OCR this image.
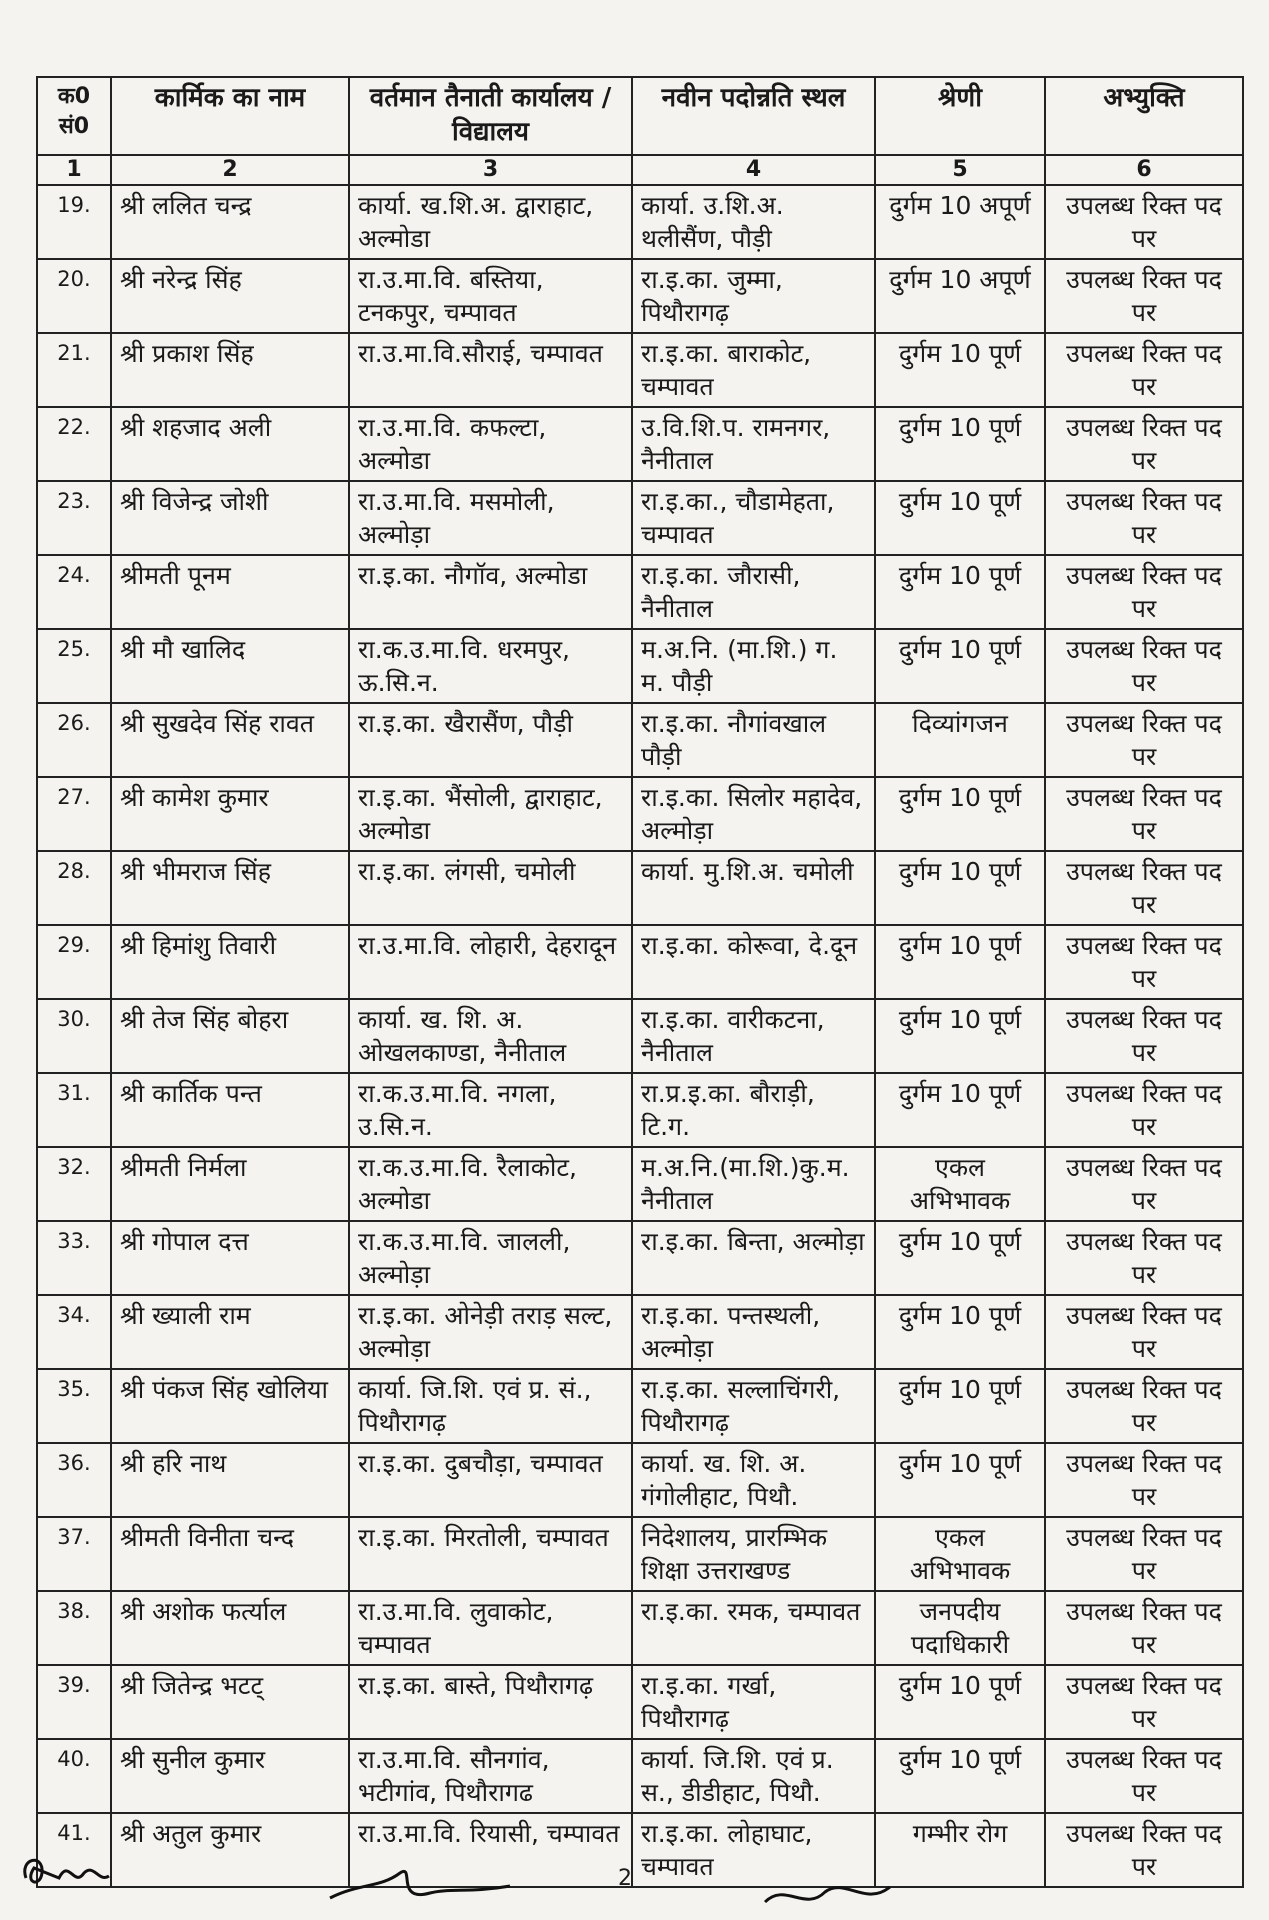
क0 सं0	कार्मिक का नाम	वर्तमान तैनाती कार्यालय / विद्यालय	नवीन पदोन्नति स्थल	श्रेणी	अभ्युक्ति
1	2	3	4	5	6
19.	श्री ललित चन्द्र	कार्या. ख.शि.अ. द्वाराहाट, अल्मोडा	कार्या. उ.शि.अ. थलीसैंण, पौड़ी	दुर्गम 10 अपूर्ण	उपलब्ध रिक्त पद पर
20.	श्री नरेन्द्र सिंह	रा.उ.मा.वि. बस्तिया, टनकपुर, चम्पावत	रा.इ.का. जुम्मा, पिथौरागढ़	दुर्गम 10 अपूर्ण	उपलब्ध रिक्त पद पर
21.	श्री प्रकाश सिंह	रा.उ.मा.वि.सौराई, चम्पावत	रा.इ.का. बाराकोट, चम्पावत	दुर्गम 10 पूर्ण	उपलब्ध रिक्त पद पर
22.	श्री शहजाद अली	रा.उ.मा.वि. कफल्टा, अल्मोडा	उ.वि.शि.प. रामनगर, नैनीताल	दुर्गम 10 पूर्ण	उपलब्ध रिक्त पद पर
23.	श्री विजेन्द्र जोशी	रा.उ.मा.वि. मसमोली, अल्मोड़ा	रा.इ.का., चौडामेहता, चम्पावत	दुर्गम 10 पूर्ण	उपलब्ध रिक्त पद पर
24.	श्रीमती पूनम	रा.इ.का. नौगॉव, अल्मोडा	रा.इ.का. जौरासी, नैनीताल	दुर्गम 10 पूर्ण	उपलब्ध रिक्त पद पर
25.	श्री मौ खालिद	रा.क.उ.मा.वि. धरमपुर, ऊ.सि.न.	म.अ.नि. (मा.शि.) ग. म. पौड़ी	दुर्गम 10 पूर्ण	उपलब्ध रिक्त पद पर
26.	श्री सुखदेव सिंह रावत	रा.इ.का. खैरासैंण, पौड़ी	रा.इ.का. नौगांवखाल पौड़ी	दिव्यांगजन	उपलब्ध रिक्त पद पर
27.	श्री कामेश कुमार	रा.इ.का. भैंसोली, द्वाराहाट, अल्मोडा	रा.इ.का. सिलोर महादेव, अल्मोड़ा	दुर्गम 10 पूर्ण	उपलब्ध रिक्त पद पर
28.	श्री भीमराज सिंह	रा.इ.का. लंगसी, चमोली	कार्या. मु.शि.अ. चमोली	दुर्गम 10 पूर्ण	उपलब्ध रिक्त पद पर
29.	श्री हिमांशु तिवारी	रा.उ.मा.वि. लोहारी, देहरादून	रा.इ.का. कोरूवा, दे.दून	दुर्गम 10 पूर्ण	उपलब्ध रिक्त पद पर
30.	श्री तेज सिंह बोहरा	कार्या. ख. शि. अ. ओखलकाण्डा, नैनीताल	रा.इ.का. वारीकटना, नैनीताल	दुर्गम 10 पूर्ण	उपलब्ध रिक्त पद पर
31.	श्री कार्तिक पन्त	रा.क.उ.मा.वि. नगला, उ.सि.न.	रा.प्र.इ.का. बौराड़ी, टि.ग.	दुर्गम 10 पूर्ण	उपलब्ध रिक्त पद पर
32.	श्रीमती निर्मला	रा.क.उ.मा.वि. रैलाकोट, अल्मोडा	म.अ.नि.(मा.शि.)कु.म. नैनीताल	एकल अभिभावक	उपलब्ध रिक्त पद पर
33.	श्री गोपाल दत्त	रा.क.उ.मा.वि. जालली, अल्मोड़ा	रा.इ.का. बिन्ता, अल्मोड़ा	दुर्गम 10 पूर्ण	उपलब्ध रिक्त पद पर
34.	श्री ख्याली राम	रा.इ.का. ओनेड़ी तराड़ सल्ट, अल्मोड़ा	रा.इ.का. पन्तस्थली, अल्मोड़ा	दुर्गम 10 पूर्ण	उपलब्ध रिक्त पद पर
35.	श्री पंकज सिंह खोलिया	कार्या. जि.शि. एवं प्र. सं., पिथौरागढ़	रा.इ.का. सल्लाचिंगरी, पिथौरागढ़	दुर्गम 10 पूर्ण	उपलब्ध रिक्त पद पर
36.	श्री हरि नाथ	रा.इ.का. दुबचौड़ा, चम्पावत	कार्या. ख. शि. अ. गंगोलीहाट, पिथौ.	दुर्गम 10 पूर्ण	उपलब्ध रिक्त पद पर
37.	श्रीमती विनीता चन्द	रा.इ.का. मिरतोली, चम्पावत	निदेशालय, प्रारम्भिक शिक्षा उत्तराखण्ड	एकल अभिभावक	उपलब्ध रिक्त पद पर
38.	श्री अशोक फर्त्याल	रा.उ.मा.वि. लुवाकोट, चम्पावत	रा.इ.का. रमक, चम्पावत	जनपदीय पदाधिकारी	उपलब्ध रिक्त पद पर
39.	श्री जितेन्द्र भटट्	रा.इ.का. बास्ते, पिथौरागढ़	रा.इ.का. गर्खा, पिथौरागढ़	दुर्गम 10 पूर्ण	उपलब्ध रिक्त पद पर
40.	श्री सुनील कुमार	रा.उ.मा.वि. सौनगांव, भटीगांव, पिथौरागढ	कार्या. जि.शि. एवं प्र. स., डीडीहाट, पिथौ.	दुर्गम 10 पूर्ण	उपलब्ध रिक्त पद पर
41.	श्री अतुल कुमार	रा.उ.मा.वि. रियासी, चम्पावत	रा.इ.का. लोहाघाट, चम्पावत	गम्भीर रोग	उपलब्ध रिक्त पद पर
2
